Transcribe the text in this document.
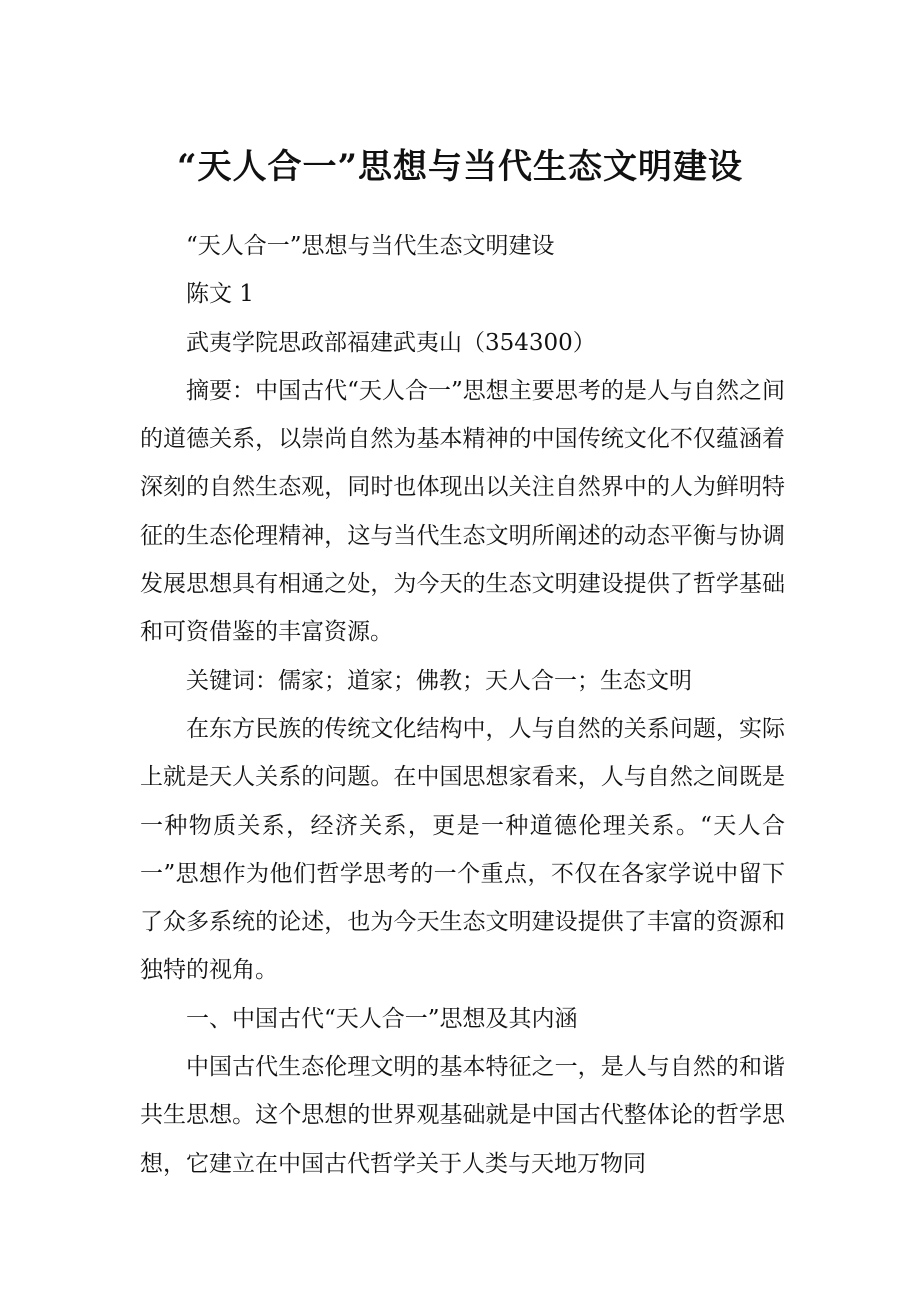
“天人合一”思想与当代生态文明建设

“天人合一”思想与当代生态文明建设

陈文 1

武夷学院思政部福建武夷山（354300）

摘要：中国古代“天人合一”思想主要思考的是人与自然之间的道德关系，以崇尚自然为基本精神的中国传统文化不仅蕴涵着深刻的自然生态观，同时也体现出以关注自然界中的人为鲜明特征的生态伦理精神，这与当代生态文明所阐述的动态平衡与协调发展思想具有相通之处，为今天的生态文明建设提供了哲学基础和可资借鉴的丰富资源。

关键词：儒家；道家；佛教；天人合一；生态文明

在东方民族的传统文化结构中，人与自然的关系问题，实际上就是天人关系的问题。在中国思想家看来，人与自然之间既是一种物质关系，经济关系，更是一种道德伦理关系。“天人合一”思想作为他们哲学思考的一个重点，不仅在各家学说中留下了众多系统的论述，也为今天生态文明建设提供了丰富的资源和独特的视角。

一、中国古代“天人合一”思想及其内涵

中国古代生态伦理文明的基本特征之一，是人与自然的和谐共生思想。这个思想的世界观基础就是中国古代整体论的哲学思想，它建立在中国古代哲学关于人类与天地万物同
